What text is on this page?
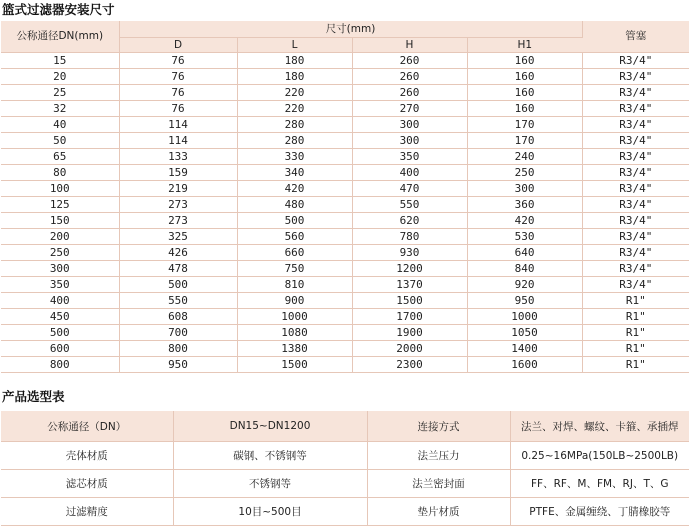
篮式过滤器安装尺寸
公称通径DN(mm)	尺寸(mm)				管塞
	D	L	H	H1	
15	76	180	260	160	R3/4"
20	76	180	260	160	R3/4"
25	76	220	260	160	R3/4"
32	76	220	270	160	R3/4"
40	114	280	300	170	R3/4"
50	114	280	300	170	R3/4"
65	133	330	350	240	R3/4"
80	159	340	400	250	R3/4"
100	219	420	470	300	R3/4"
125	273	480	550	360	R3/4"
150	273	500	620	420	R3/4"
200	325	560	780	530	R3/4"
250	426	660	930	640	R3/4"
300	478	750	1200	840	R3/4"
350	500	810	1370	920	R3/4"
400	550	900	1500	950	R1"
450	608	1000	1700	1000	R1"
500	700	1080	1900	1050	R1"
600	800	1380	2000	1400	R1"
800	950	1500	2300	1600	R1"
产品选型表
公称通径（DN）	DN15~DN1200	连接方式	法兰、对焊、螺纹、卡箍、承插焊
壳体材质	碳钢、不锈钢等	法兰压力	0.25~16MPa(150LB~2500LB)
滤芯材质	不锈钢等	法兰密封面	FF、RF、M、FM、RJ、T、G
过滤精度	10目~500目	垫片材质	PTFE、金属缠绕、丁腈橡胶等
